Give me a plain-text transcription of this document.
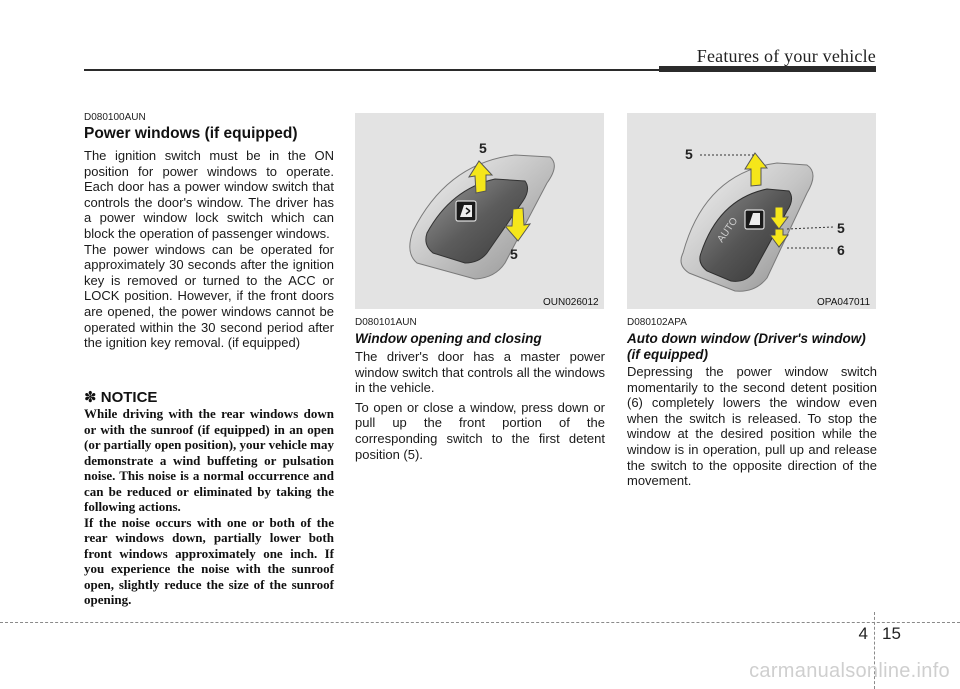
Features of your vehicle
D080100AUN
Power windows (if equipped)
The ignition switch must be in the ON position for power windows to operate. Each door has a power window switch that controls the door's window. The driver has a power window lock switch which can block the operation of passenger windows.
The power windows can be operated for approximately 30 seconds after the ignition key is removed or turned to the ACC or LOCK position. However, if the front doors are opened, the power windows cannot be operated within the 30 second period after the ignition key removal. (if equipped)
✽ NOTICE
While driving with the rear windows down or with the sunroof (if equipped) in an open (or partially open position), your vehicle may demonstrate a wind buffeting or pulsation noise. This noise is a normal occurrence and can be reduced or eliminated by taking the following actions.
If the noise occurs with one or both of the rear windows down, partially lower both front windows approximately one inch. If you experience the noise with the sunroof open, slightly reduce the size of the sunroof opening.
5
5
OUN026012
D080101AUN
Window opening and closing
The driver's door has a master power window switch that controls all the windows in the vehicle.
To open or close a window, press down or pull up the front portion of the corresponding switch to the first detent position (5).
AUTO
5
5
6
OPA047011
D080102APA
Auto down window (Driver's window)
(if equipped)
Depressing the power window switch momentarily to the second detent position (6) completely lowers the window even when the switch is released. To stop the window at the desired position while the window is in operation, pull up and release the switch to the opposite direction of the movement.
4 15
carmanualsonline.info
